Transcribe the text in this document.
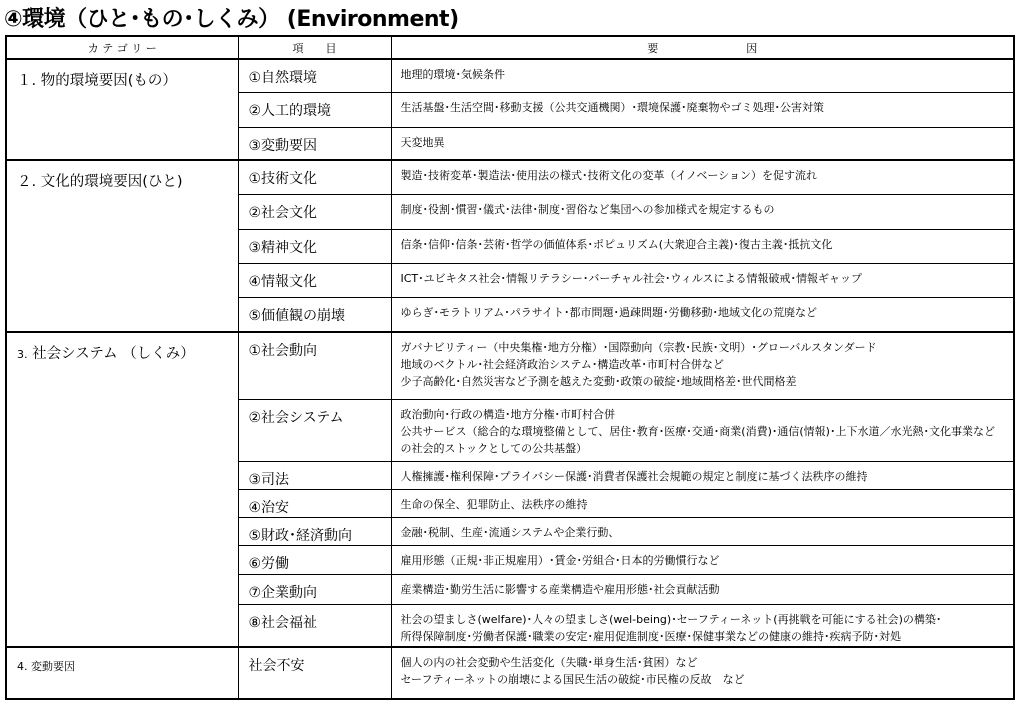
④環境（ひと･もの･しくみ） (Environment)
カ テ ゴ リ ー	項　　目	要　　　　　　　　因
１. 物的環境要因(もの）	①自然環境	地理的環境･気候条件

	②人工的環境	生活基盤･生活空間･移動支援（公共交通機関）･環境保護･廃棄物やゴミ処理･公害対策

	③変動要因	天変地異

２. 文化的環境要因(ひと)	①技術文化	製造･技術変革･製造法･使用法の様式･技術文化の変革（イノベーション）を促す流れ

	②社会文化	制度･役割･慣習･儀式･法律･制度･習俗など集団への参加様式を規定するもの

	③精神文化	信条･信仰･信条･芸術･哲学の価値体系･ポピュリズム(大衆迎合主義)･復古主義･抵抗文化

	④情報文化	ICT･ユビキタス社会･情報リテラシー･バーチャル社会･ウィルスによる情報破戒･情報ギャップ

	⑤価値観の崩壊	ゆらぎ･モラトリアム･パラサイト･都市問題･過疎問題･労働移動･地域文化の荒廃など

3. 社会システム （しくみ）	①社会動向	ガバナビリティー（中央集権･地方分権）･国際動向（宗教･民族･文明）･グローバルスタンダード
地域のベクトル･社会経済政治システム･構造改革･市町村合併など
少子高齢化･自然災害など予測を越えた変動･政策の破綻･地域間格差･世代間格差

	②社会システム	政治動向･行政の構造･地方分権･市町村合併
公共サービス（総合的な環境整備として、居住･教育･医療･交通･商業(消費)･通信(情報)･上下水道／水光熱･文化事業など　の社会的ストックとしての公共基盤）

	③司法	人権擁護･権利保障･プライバシー保護･消費者保護社会規範の規定と制度に基づく法秩序の維持

	④治安	生命の保全、犯罪防止、法秩序の維持

	⑤財政･経済動向	金融･税制、生産･流通システムや企業行動、

	⑥労働	雇用形態（正規･非正規雇用）･賃金･労組合･日本的労働慣行など

	⑦企業動向	産業構造･勤労生活に影響する産業構造や雇用形態･社会貢献活動

	⑧社会福祉	社会の望ましさ(welfare)･人々の望ましさ(wel-being)･セーフティーネット(再挑戦を可能にする社会)の構築･
所得保障制度･労働者保護･職業の安定･雇用促進制度･医療･保健事業などの健康の維持･疾病予防･対処

4. 変動要因	社会不安	個人の内の社会変動や生活変化（失職･単身生活･貧困）など
セーフティーネットの崩壊による国民生活の破綻･市民権の反故　など
